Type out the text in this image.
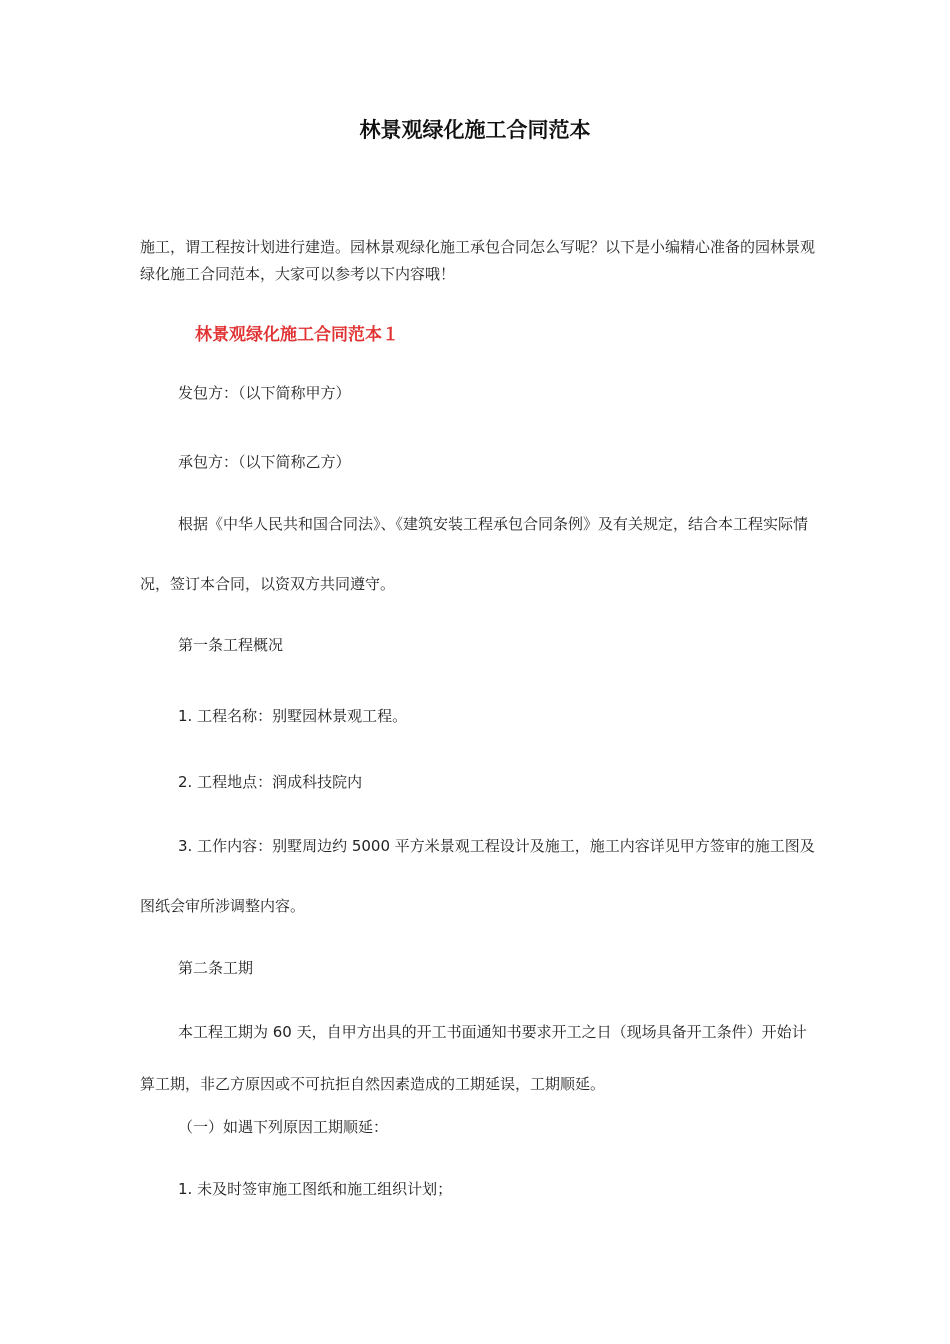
林景观绿化施工合同范本

施工，谓工程按计划进行建造。园林景观绿化施工承包合同怎么写呢？以下是小编精心准备的园林景观绿化施工合同范本，大家可以参考以下内容哦！

林景观绿化施工合同范本１

发包方：（以下简称甲方）

承包方：（以下简称乙方）

根据《中华人民共和国合同法》、《建筑安装工程承包合同条例》及有关规定，结合本工程实际情况，签订本合同，以资双方共同遵守。

第一条工程概况

1. 工程名称：别墅园林景观工程。

2. 工程地点：润成科技院内

3. 工作内容：别墅周边约 5000 平方米景观工程设计及施工，施工内容详见甲方签审的施工图及图纸会审所涉调整内容。

第二条工期

本工程工期为 60 天，自甲方出具的开工书面通知书要求开工之日（现场具备开工条件）开始计算工期，非乙方原因或不可抗拒自然因素造成的工期延误，工期顺延。

（一）如遇下列原因工期顺延：

1. 未及时签审施工图纸和施工组织计划；
